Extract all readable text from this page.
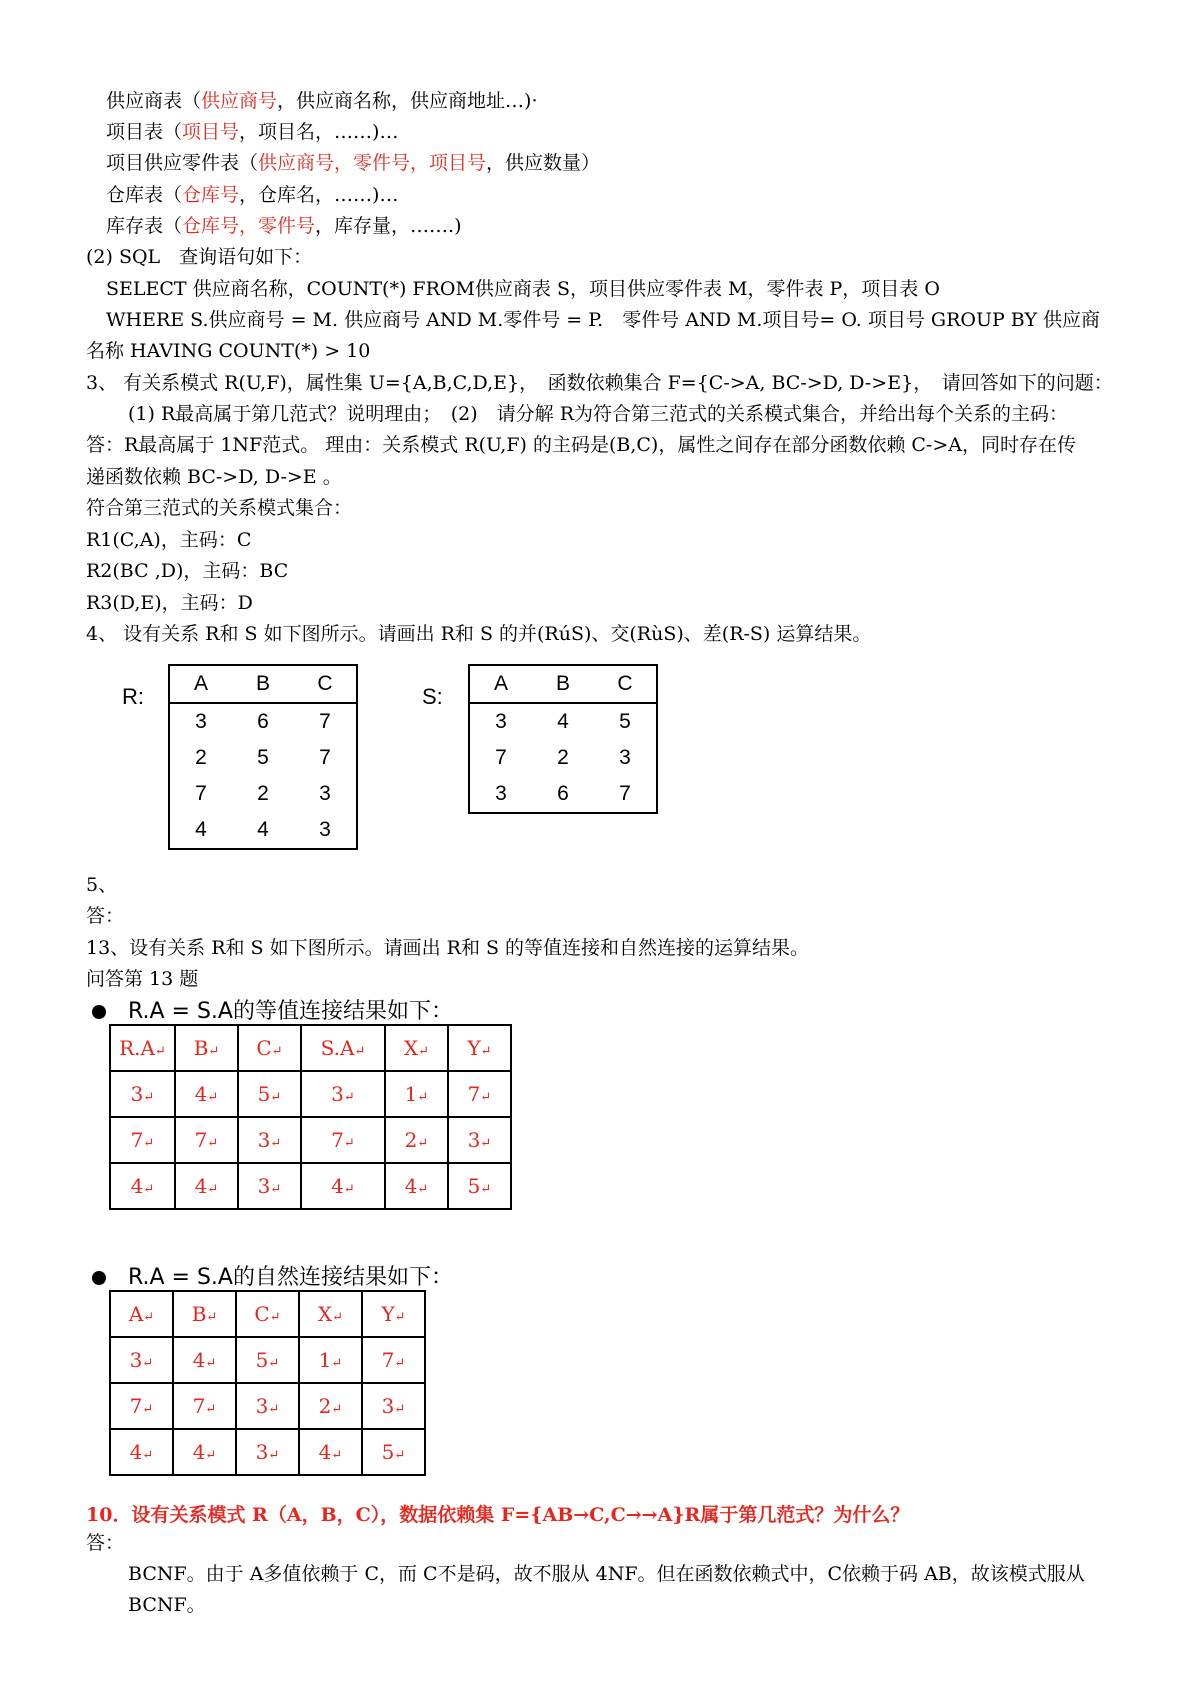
供应商表（供应商号，供应商名称，供应商地址…)·
项目表（项目号，项目名，……)…
项目供应零件表（供应商号，零件号，项目号，供应数量）
仓库表（仓库号，仓库名，……)…
库存表（仓库号，零件号，库存量，…….)
(2) SQL　查询语句如下：
SELECT 供应商名称，COUNT(*) FROM供应商表 S，项目供应零件表 M，零件表 P，项目表 O
WHERE S.供应商号 = M. 供应商号 AND M.零件号 = P.　零件号 AND M.项目号= O. 项目号 GROUP BY 供应商
名称 HAVING COUNT(*) > 10
3、 有关系模式 R(U,F)，属性集 U={A,B,C,D,E}，　函数依赖集合 F={C->A, BC->D, D->E}，　请回答如下的问题：
(1) R最高属于第几范式？说明理由；　(2)　请分解 R为符合第三范式的关系模式集合，并给出每个关系的主码：
答：R最高属于 1NF范式。 理由：关系模式 R(U,F) 的主码是(B,C)，属性之间存在部分函数依赖 C->A，同时存在传
递函数依赖 BC->D, D->E 。
符合第三范式的关系模式集合：
R1(C,A)，主码：C
R2(BC ,D)，主码：BC
R3(D,E)，主码：D
4、 设有关系 R和 S 如下图所示。请画出 R和 S 的并(RúS)、交(RùS)、差(R-S) 运算结果。
R:
A	B	C
3	6	7
2	5	7
7	2	3
4	4	3
S:
A	B	C
3	4	5
7	2	3
3	6	7
5、
答：
13、设有关系 R和 S 如下图所示。请画出 R和 S 的等值连接和自然连接的运算结果。
问答第 13 题
R.A = S.A的等值连接结果如下：
R.A↵	B↵	C↵	S.A↵	X↵	Y↵
3↵	4↵	5↵	3↵	1↵	7↵
7↵	7↵	3↵	7↵	2↵	3↵
4↵	4↵	3↵	4↵	4↵	5↵
R.A = S.A的自然连接结果如下：
A↵	B↵	C↵	X↵	Y↵
3↵	4↵	5↵	1↵	7↵
7↵	7↵	3↵	2↵	3↵
4↵	4↵	3↵	4↵	5↵
10．设有关系模式 R（A，B，C），数据依赖集 F={AB→C,C→→A}R属于第几范式？为什么？
答：
BCNF。由于 A多值依赖于 C，而 C不是码，故不服从 4NF。但在函数依赖式中，C依赖于码 AB，故该模式服从
BCNF。
